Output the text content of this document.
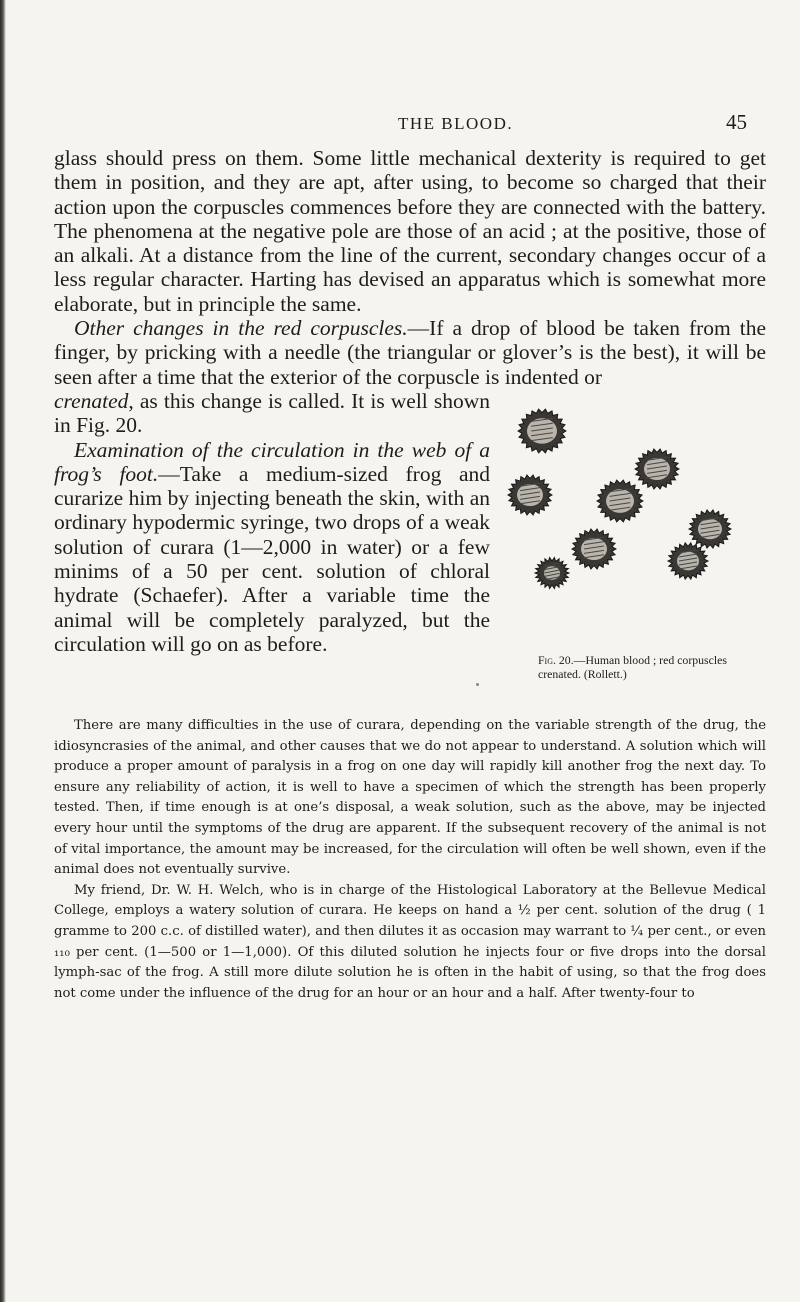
THE BLOOD.	45

glass should press on them. Some little mechanical dexterity is required to get them in position, and they are apt, after using, to become so charged that their action upon the corpuscles commences before they are connected with the battery. The phenomena at the negative pole are those of an acid ; at the positive, those of an alkali. At a distance from the line of the current, secondary changes occur of a less regular character. Harting has devised an apparatus which is somewhat more elaborate, but in principle the same.

Other changes in the red corpuscles.—If a drop of blood be taken from the finger, by pricking with a needle (the triangular or glover’s is the best), it will be seen after a time that the exterior of the corpuscle is indented or

Fig. 20.—Human blood ; red corpuscles crenated. (Rollett.)
crenated, as this change is called. It is well shown in Fig. 20.

Examination of the circulation in the web of a frog’s foot.—Take a medium-sized frog and curarize him by injecting beneath the skin, with an ordinary hypodermic syringe, two drops of a weak solution of curara (1—2,000 in water) or a few minims of a 50 per cent. solution of chloral hydrate (Schaefer). After a variable time the animal will be completely paralyzed, but the circulation will go on as before.

There are many difficulties in the use of curara, depending on the variable strength of the drug, the idiosyncrasies of the animal, and other causes that we do not appear to understand. A solution which will produce a proper amount of paralysis in a frog on one day will rapidly kill another frog the next day. To ensure any reliability of action, it is well to have a specimen of which the strength has been properly tested. Then, if time enough is at one’s disposal, a weak solution, such as the above, may be injected every hour until the symptoms of the drug are apparent. If the subsequent recovery of the animal is not of vital importance, the amount may be increased, for the circulation will often be well shown, even if the animal does not eventually survive.

My friend, Dr. W. H. Welch, who is in charge of the Histological Laboratory at the Bellevue Medical College, employs a watery solution of curara. He keeps on hand a ½ per cent. solution of the drug ( 1 gramme to 200 c.c. of distilled water), and then dilutes it as occasion may warrant to ¼ per cent., or even ₁₁₀ per cent. (1—500 or 1—1,000). Of this diluted solution he injects four or five drops into the dorsal lymph-sac of the frog. A still more dilute solution he is often in the habit of using, so that the frog does not come under the influence of the drug for an hour or an hour and a half. After twenty-four to
